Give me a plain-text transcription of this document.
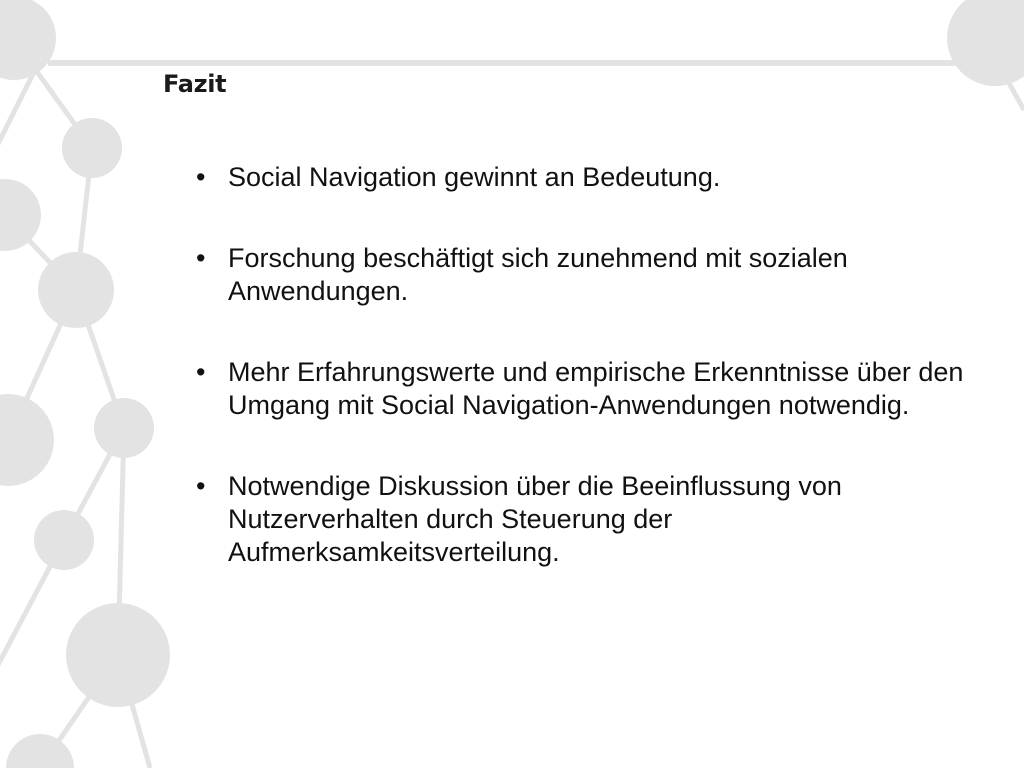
Fazit
• Social Navigation gewinnt an Bedeutung.
• Forschung beschäftigt sich zunehmend mit sozialen Anwendungen.
• Mehr Erfahrungswerte und empirische Erkenntnisse über den Umgang mit Social Navigation-Anwendungen notwendig.
• Notwendige Diskussion über die Beeinflussung von Nutzerverhalten durch Steuerung der Aufmerksamkeitsverteilung.
